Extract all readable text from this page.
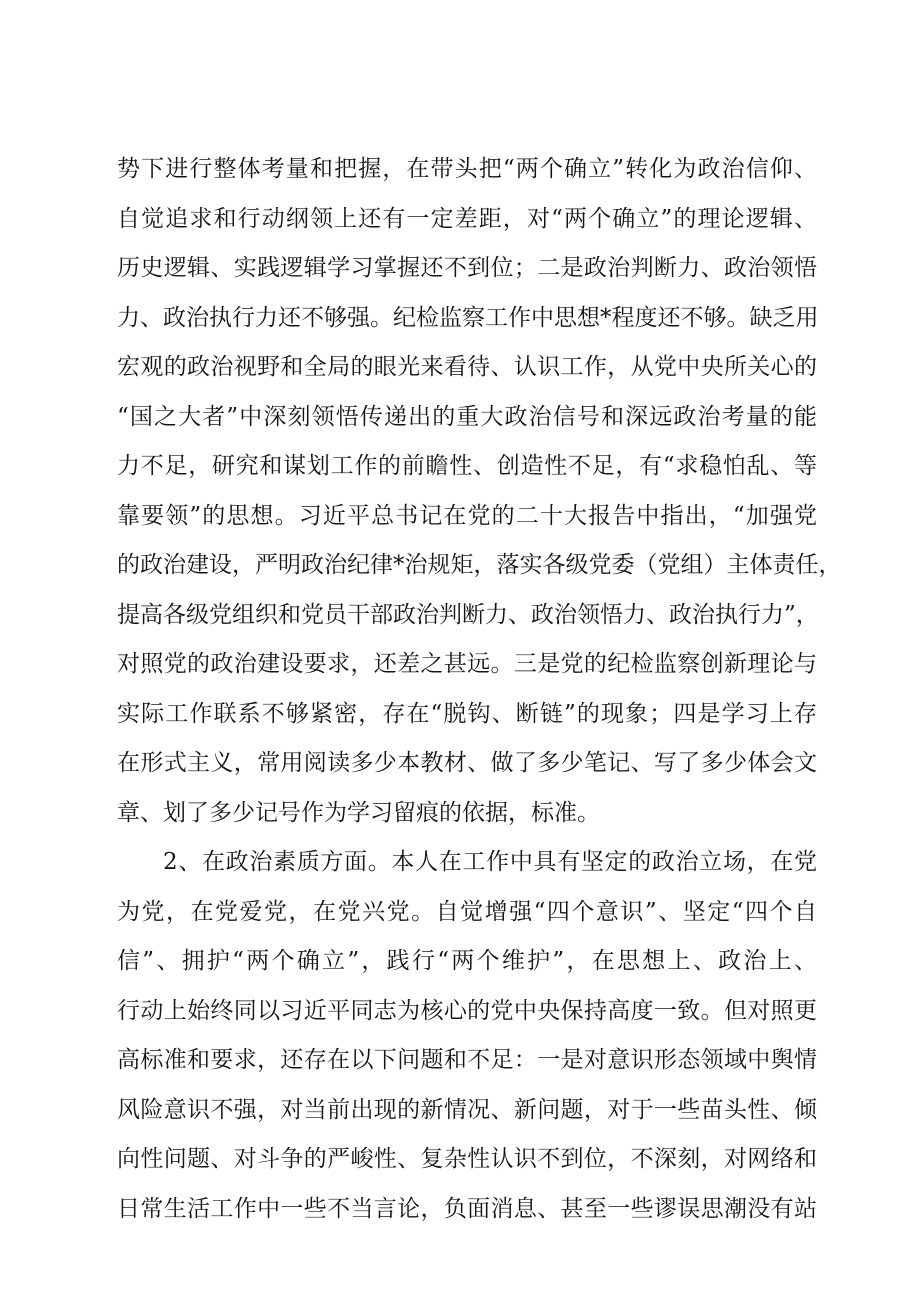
势下进行整体考量和把握，在带头把“两个确立”转化为政治信仰、
自觉追求和行动纲领上还有一定差距，对“两个确立”的理论逻辑、
历史逻辑、实践逻辑学习掌握还不到位；二是政治判断力、政治领悟
力、政治执行力还不够强。纪检监察工作中思想*程度还不够。缺乏用
宏观的政治视野和全局的眼光来看待、认识工作，从党中央所关心的
“国之大者”中深刻领悟传递出的重大政治信号和深远政治考量的能
力不足，研究和谋划工作的前瞻性、创造性不足，有“求稳怕乱、等
靠要领”的思想。习近平总书记在党的二十大报告中指出，“加强党
的政治建设，严明政治纪律*治规矩，落实各级党委（党组）主体责任，
提高各级党组织和党员干部政治判断力、政治领悟力、政治执行力”，
对照党的政治建设要求，还差之甚远。三是党的纪检监察创新理论与
实际工作联系不够紧密，存在“脱钩、断链”的现象；四是学习上存
在形式主义，常用阅读多少本教材、做了多少笔记、写了多少体会文
章、划了多少记号作为学习留痕的依据，标准。
2、在政治素质方面。本人在工作中具有坚定的政治立场，在党
为党，在党爱党，在党兴党。自觉增强“四个意识”、坚定“四个自
信”、拥护“两个确立”，践行“两个维护”，在思想上、政治上、
行动上始终同以习近平同志为核心的党中央保持高度一致。但对照更
高标准和要求，还存在以下问题和不足：一是对意识形态领域中舆情
风险意识不强，对当前出现的新情况、新问题，对于一些苗头性、倾
向性问题、对斗争的严峻性、复杂性认识不到位，不深刻，对网络和
日常生活工作中一些不当言论，负面消息、甚至一些谬误思潮没有站
